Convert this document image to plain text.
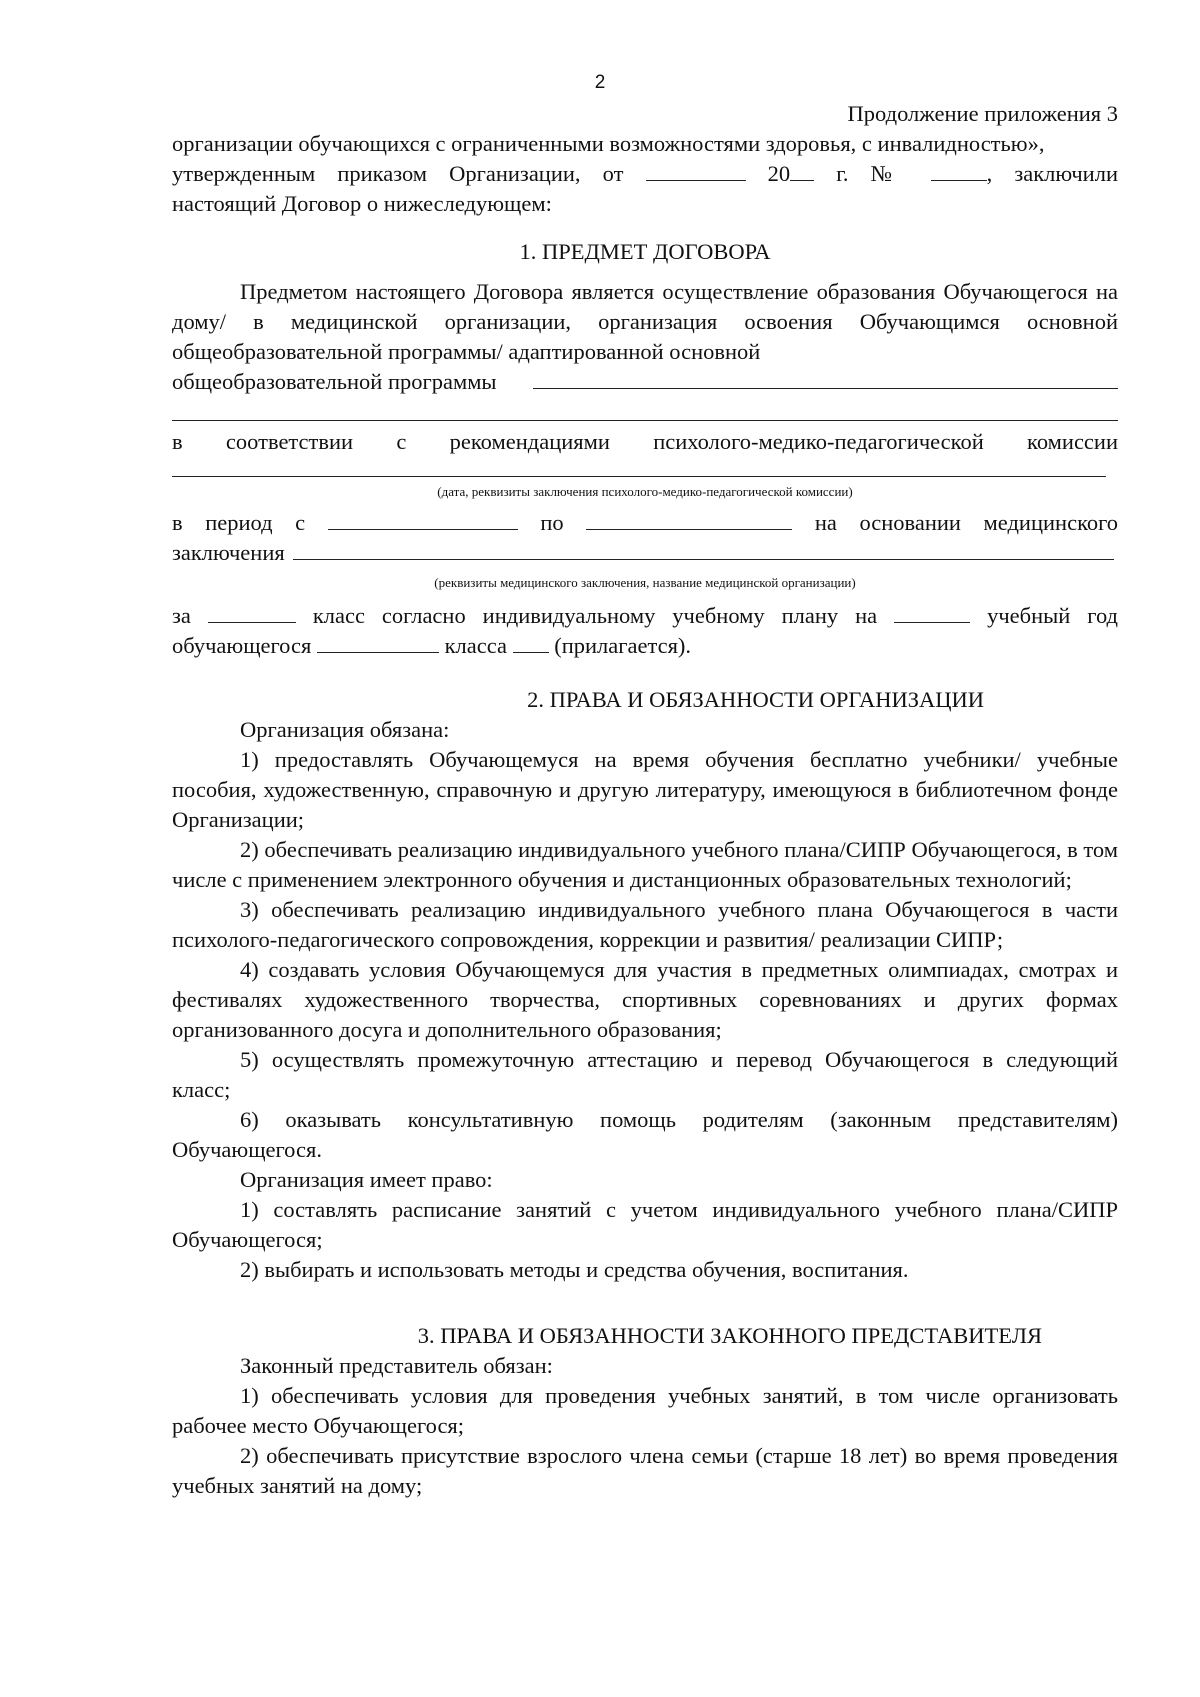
2
Продолжение приложения 3
организации обучающихся с ограниченными возможностями здоровья, с инвалидностью»,
утвержденным приказом Организации, от	20 г. №	, заключили
настоящий Договор о нижеследующем:
1. ПРЕДМЕТ ДОГОВОРА
Предметом настоящего Договора является осуществление образования Обучающегося на дому/ в медицинской организации, организация освоения Обучающимся основной общеобразовательной программы/ адаптированной основной
общеобразовательной программы
в соответствии с рекомендациями психолого-медико-педагогической комиссии
(дата, реквизиты заключения психолого-медико-педагогической комиссии)
в период с	по	на основании медицинского
заключения
(реквизиты медицинского заключения, название медицинской организации)
за	класс согласно индивидуальному учебному плану на	учебный год
обучающегося	класса (прилагается).
2. ПРАВА И ОБЯЗАННОСТИ ОРГАНИЗАЦИИ
Организация обязана:
1) предоставлять Обучающемуся на время обучения бесплатно учебники/ учебные пособия, художественную, справочную и другую литературу, имеющуюся в библиотечном фонде Организации;
2) обеспечивать реализацию индивидуального учебного плана/СИПР Обучающегося, в том числе с применением электронного обучения и дистанционных образовательных технологий;
3) обеспечивать реализацию индивидуального учебного плана Обучающегося в части психолого-педагогического сопровождения, коррекции и развития/ реализации СИПР;
4) создавать условия Обучающемуся для участия в предметных олимпиадах, смотрах и фестивалях художественного творчества, спортивных соревнованиях и других формах организованного досуга и дополнительного образования;
5) осуществлять промежуточную аттестацию и перевод Обучающегося в следующий класс;
6) оказывать консультативную помощь родителям (законным представителям) Обучающегося.
Организация имеет право:
1) составлять расписание занятий с учетом индивидуального учебного плана/СИПР Обучающегося;
2) выбирать и использовать методы и средства обучения, воспитания.
3. ПРАВА И ОБЯЗАННОСТИ ЗАКОННОГО ПРЕДСТАВИТЕЛЯ
Законный представитель обязан:
1) обеспечивать условия для проведения учебных занятий, в том числе организовать рабочее место Обучающегося;
2) обеспечивать присутствие взрослого члена семьи (старше 18 лет) во время проведения учебных занятий на дому;
